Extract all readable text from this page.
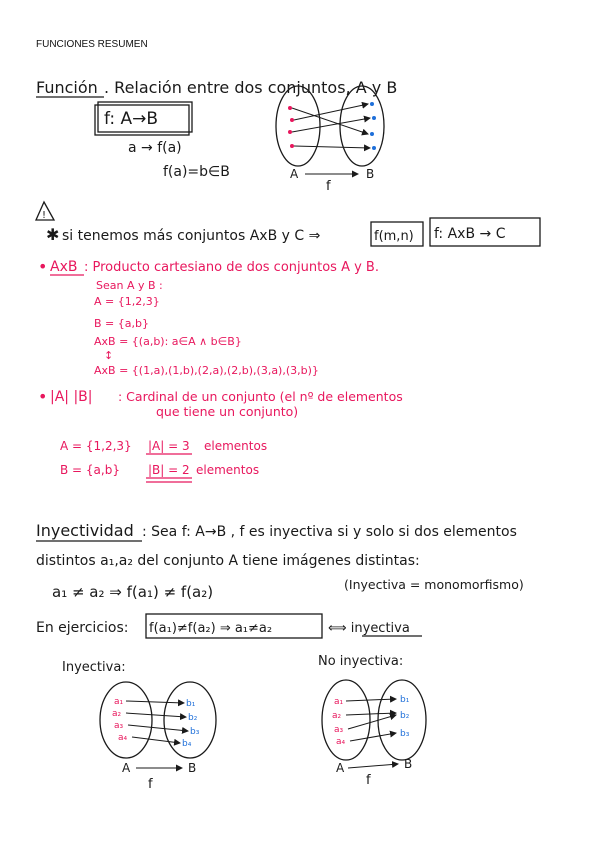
FUNCIONES RESUMEN
Función . Relación entre dos conjuntos, A y B
f: A→B
a → f(a)
f(a)=b∈B	A	B
f
!
✱ si tenemos más conjuntos AxB y C ⇒	f(m,n) f: AxB → C
• AxB : Producto cartesiano de dos conjuntos A y B.
Sean A y B :
A = {1,2,3}
B = {a,b}
AxB = {(a,b): a∈A ∧ b∈B}
↕
AxB = {(1,a),(1,b),(2,a),(2,b),(3,a),(3,b)}
• |A| |B| : Cardinal de un conjunto (el nº de elementos
que tiene un conjunto)
A = {1,2,3} |A| = 3 elementos
B = {a,b} |B| = 2 elementos
Inyectividad : Sea f: A→B , f es inyectiva si y solo si dos elementos
distintos a₁,a₂ del conjunto A tiene imágenes distintas:
a₁ ≠ a₂ ⇒ f(a₁) ≠ f(a₂)	(Inyectiva = monomorfismo)
En ejercicios: f(a₁)≠f(a₂) ⇒ a₁≠a₂	⟺ inyectiva
Inyectiva:
a₁
a₂
a₃
a₄
b₁
b₂
b₃
b₄
A	B
f
No inyectiva:
a₁
a₂
a₃
a₄
b₁
b₂
b₃
A	B
f
